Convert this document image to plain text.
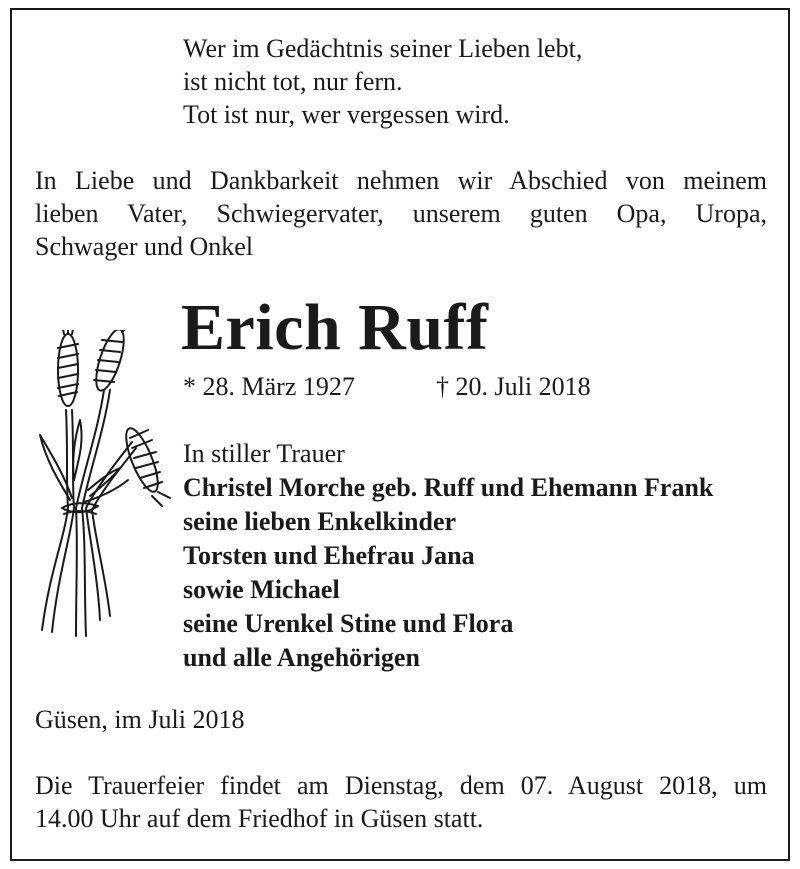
Wer im Gedächtnis seiner Lieben lebt,
ist nicht tot, nur fern.
Tot ist nur, wer vergessen wird.
In Liebe und Dankbarkeit nehmen wir Abschied von meinem
lieben Vater, Schwiegervater, unserem guten Opa, Uropa,
Schwager und Onkel
Erich Ruff
* 28. März 1927	† 20. Juli 2018
In stiller Trauer
Christel Morche geb. Ruff und Ehemann Frank
seine lieben Enkelkinder
Torsten und Ehefrau Jana
sowie Michael
seine Urenkel Stine und Flora
und alle Angehörigen
Güsen, im Juli 2018
Die Trauerfeier findet am Dienstag, dem 07. August 2018, um
14.00 Uhr auf dem Friedhof in Güsen statt.
